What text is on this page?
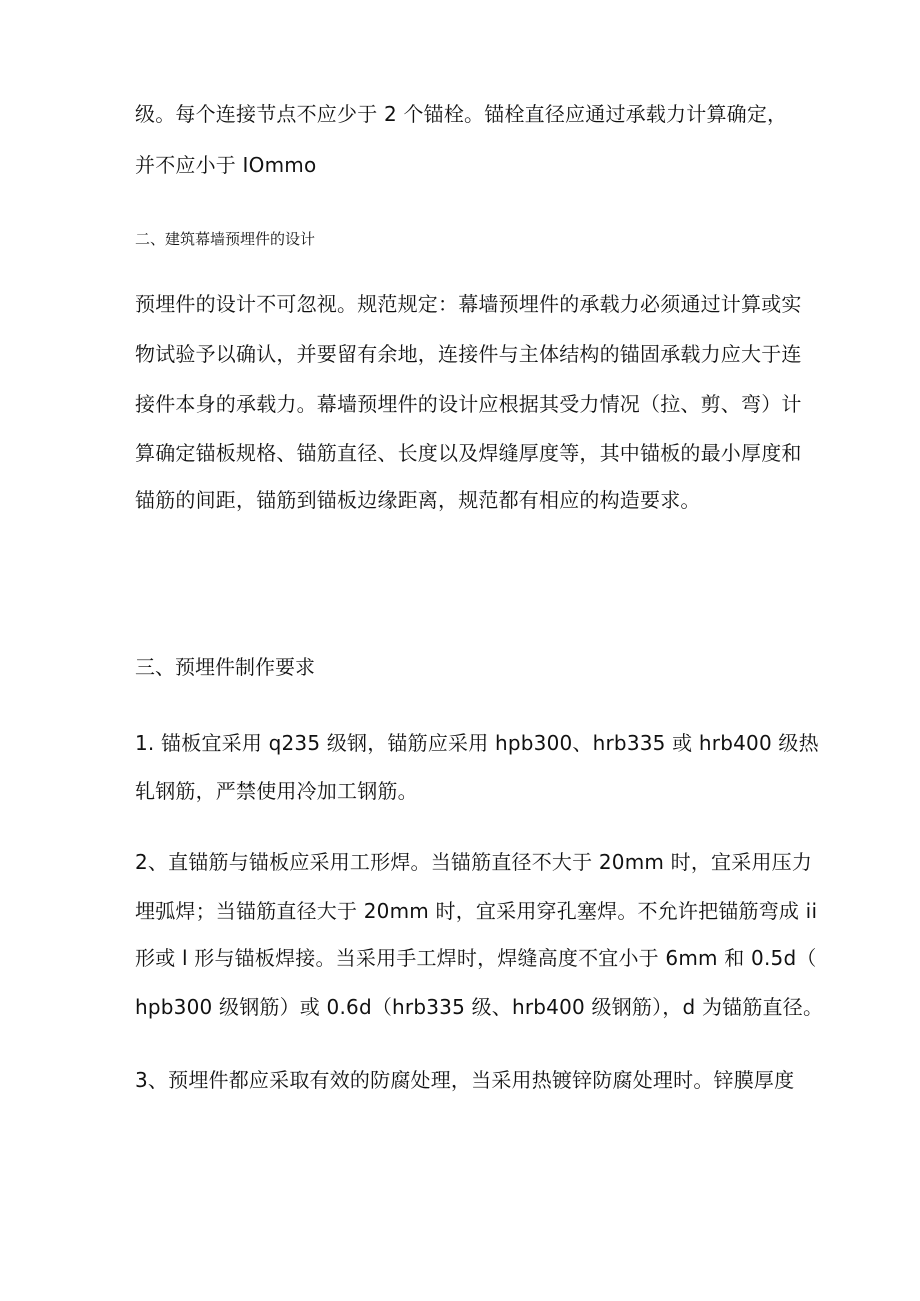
级。每个连接节点不应少于 2 个锚栓。锚栓直径应通过承载力计算确定，
并不应小于 IOmmo
二、建筑幕墙预埋件的设计
预埋件的设计不可忽视。规范规定：幕墙预埋件的承载力必须通过计算或实
物试验予以确认，并要留有余地，连接件与主体结构的锚固承载力应大于连
接件本身的承载力。幕墙预埋件的设计应根据其受力情况（拉、剪、弯）计
算确定锚板规格、锚筋直径、长度以及焊缝厚度等，其中锚板的最小厚度和
锚筋的间距，锚筋到锚板边缘距离，规范都有相应的构造要求。
三、预埋件制作要求
1. 锚板宜采用 q235 级钢，锚筋应采用 hpb300、hrb335 或 hrb400 级热
轧钢筋，严禁使用冷加工钢筋。
2、直锚筋与锚板应采用工形焊。当锚筋直径不大于 20mm 时，宜采用压力
埋弧焊；当锚筋直径大于 20mm 时，宜采用穿孔塞焊。不允许把锚筋弯成 ii
形或 l 形与锚板焊接。当采用手工焊时，焊缝高度不宜小于 6mm 和 0.5d（
hpb300 级钢筋）或 0.6d（hrb335 级、hrb400 级钢筋），d 为锚筋直径。
3、预埋件都应采取有效的防腐处理，当采用热镀锌防腐处理时。锌膜厚度
